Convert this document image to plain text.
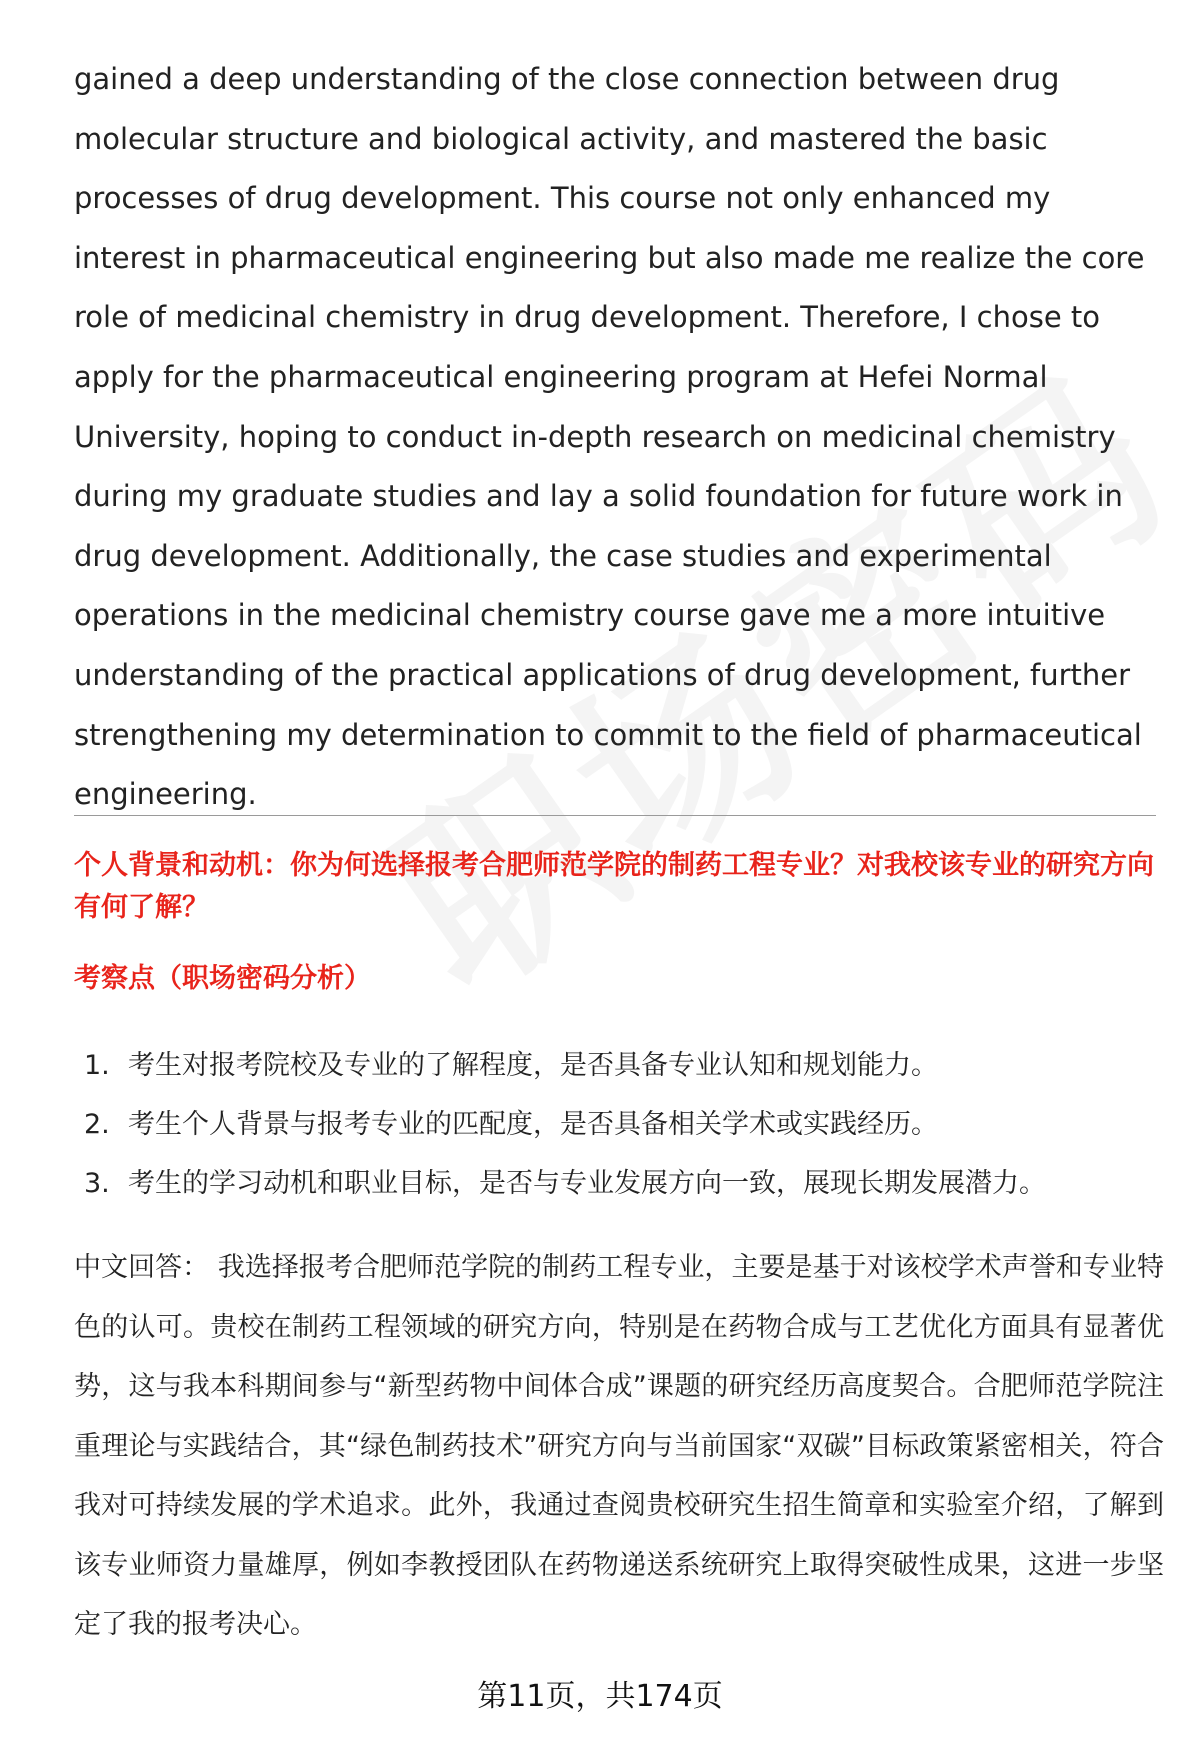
gained a deep understanding of the close connection between drug molecular structure and biological activity, and mastered the basic processes of drug development. This course not only enhanced my interest in pharmaceutical engineering but also made me realize the core role of medicinal chemistry in drug development. Therefore, I chose to apply for the pharmaceutical engineering program at Hefei Normal University, hoping to conduct in-depth research on medicinal chemistry during my graduate studies and lay a solid foundation for future work in drug development. Additionally, the case studies and experimental operations in the medicinal chemistry course gave me a more intuitive understanding of the practical applications of drug development, further strengthening my determination to commit to the field of pharmaceutical engineering.

个人背景和动机：你为何选择报考合肥师范学院的制药工程专业？对我校该专业的研究方向有何了解？

考察点（职场密码分析）

1. 考生对报考院校及专业的了解程度，是否具备专业认知和规划能力。
2. 考生个人背景与报考专业的匹配度，是否具备相关学术或实践经历。
3. 考生的学习动机和职业目标，是否与专业发展方向一致，展现长期发展潜力。

中文回答： 我选择报考合肥师范学院的制药工程专业，主要是基于对该校学术声誉和专业特色的认可。贵校在制药工程领域的研究方向，特别是在药物合成与工艺优化方面具有显著优势，这与我本科期间参与“新型药物中间体合成”课题的研究经历高度契合。合肥师范学院注重理论与实践结合，其“绿色制药技术”研究方向与当前国家“双碳”目标政策紧密相关，符合我对可持续发展的学术追求。此外，我通过查阅贵校研究生招生简章和实验室介绍，了解到该专业师资力量雄厚，例如李教授团队在药物递送系统研究上取得突破性成果，这进一步坚定了我的报考决心。

第11页，共174页
